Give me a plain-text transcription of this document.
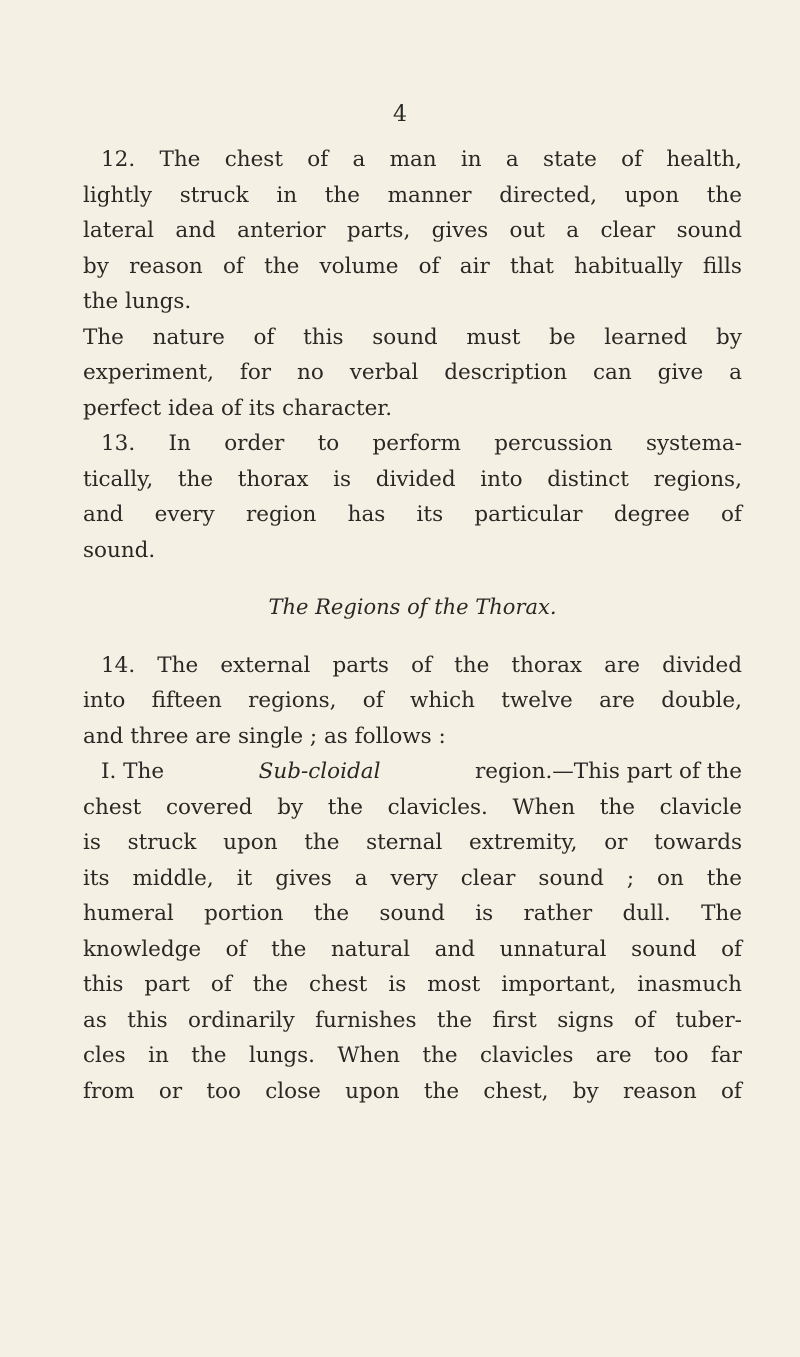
4
12. The chest of a man in a state of health,
lightly struck in the manner directed, upon the
lateral and anterior parts, gives out a clear sound
by reason of the volume of air that habitually fills
the lungs.
The nature of this sound must be learned by
experiment, for no verbal description can give a
perfect idea of its character.
13. In order to perform percussion systema-
tically, the thorax is divided into distinct regions,
and every region has its particular degree of
sound.
The Regions of the Thorax.
14. The external parts of the thorax are divided
into fifteen regions, of which twelve are double,
and three are single ; as follows :
I. The	Sub-cloidal	region.—This part of the
chest covered by the clavicles. When the clavicle
is struck upon the sternal extremity, or towards
its middle, it gives a very clear sound ; on the
humeral portion the sound is rather dull. The
knowledge of the natural and unnatural sound of
this part of the chest is most important, inasmuch
as this ordinarily furnishes the first signs of tuber-
cles in the lungs. When the clavicles are too far
from or too close upon the chest, by reason of
